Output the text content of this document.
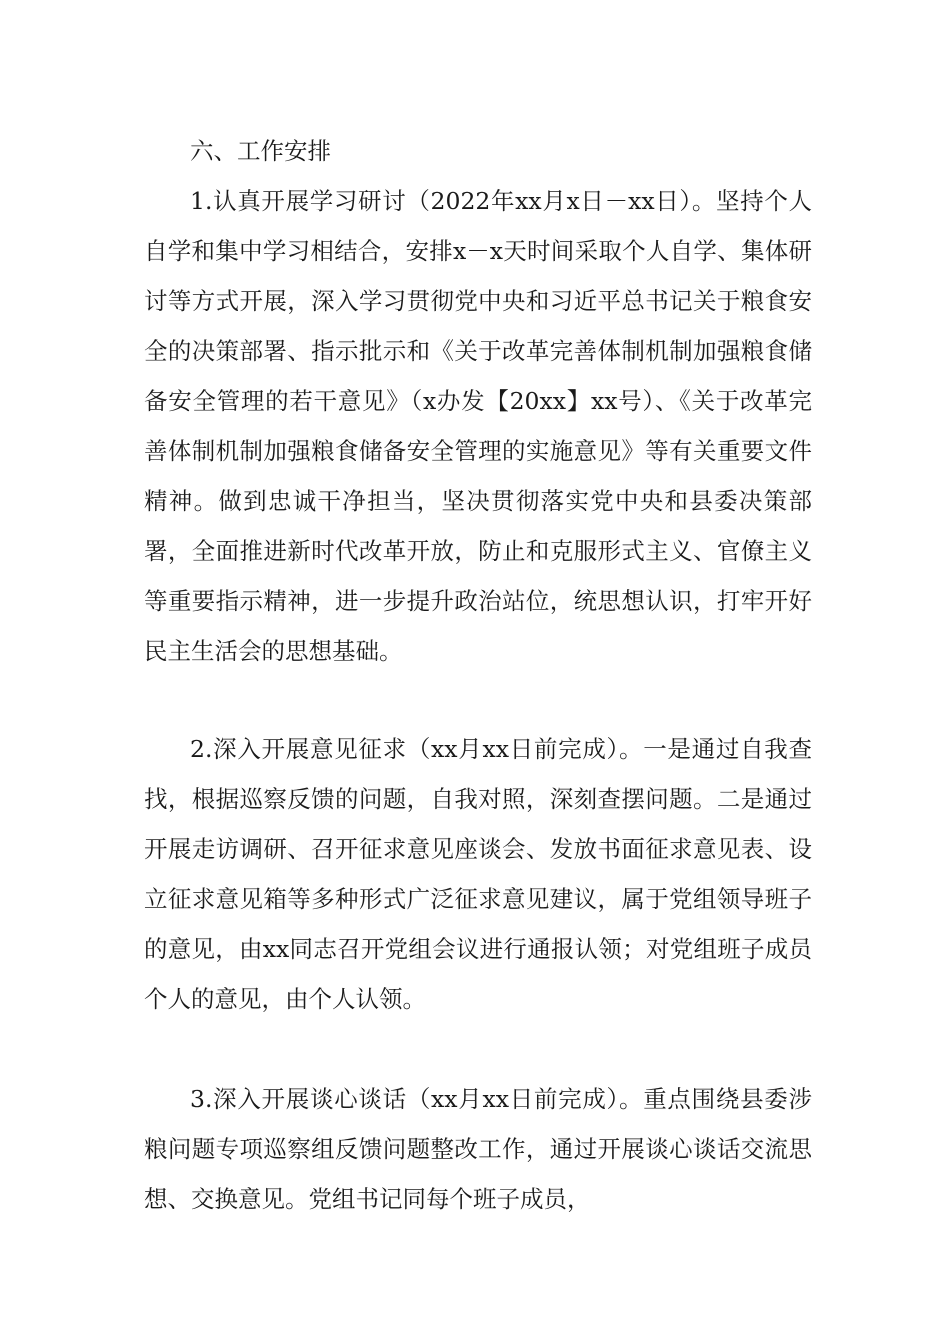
六、工作安排

1.认真开展学习研讨（2022年xx月x日－xx日）。坚持个人自学和集中学习相结合，安排x－x天时间采取个人自学、集体研讨等方式开展，深入学习贯彻党中央和习近平总书记关于粮食安全的决策部署、指示批示和《关于改革完善体制机制加强粮食储备安全管理的若干意见》（x办发【20xx】xx号）、《关于改革完善体制机制加强粮食储备安全管理的实施意见》等有关重要文件精神。做到忠诚干净担当，坚决贯彻落实党中央和县委决策部署，全面推进新时代改革开放，防止和克服形式主义、官僚主义等重要指示精神，进一步提升政治站位，统思想认识，打牢开好民主生活会的思想基础。

2.深入开展意见征求（xx月xx日前完成）。一是通过自我查找，根据巡察反馈的问题，自我对照，深刻查摆问题。二是通过开展走访调研、召开征求意见座谈会、发放书面征求意见表、设立征求意见箱等多种形式广泛征求意见建议，属于党组领导班子的意见，由xx同志召开党组会议进行通报认领；对党组班子成员个人的意见，由个人认领。

3.深入开展谈心谈话（xx月xx日前完成）。重点围绕县委涉粮问题专项巡察组反馈问题整改工作，通过开展谈心谈话交流思想、交换意见。党组书记同每个班子成员，
